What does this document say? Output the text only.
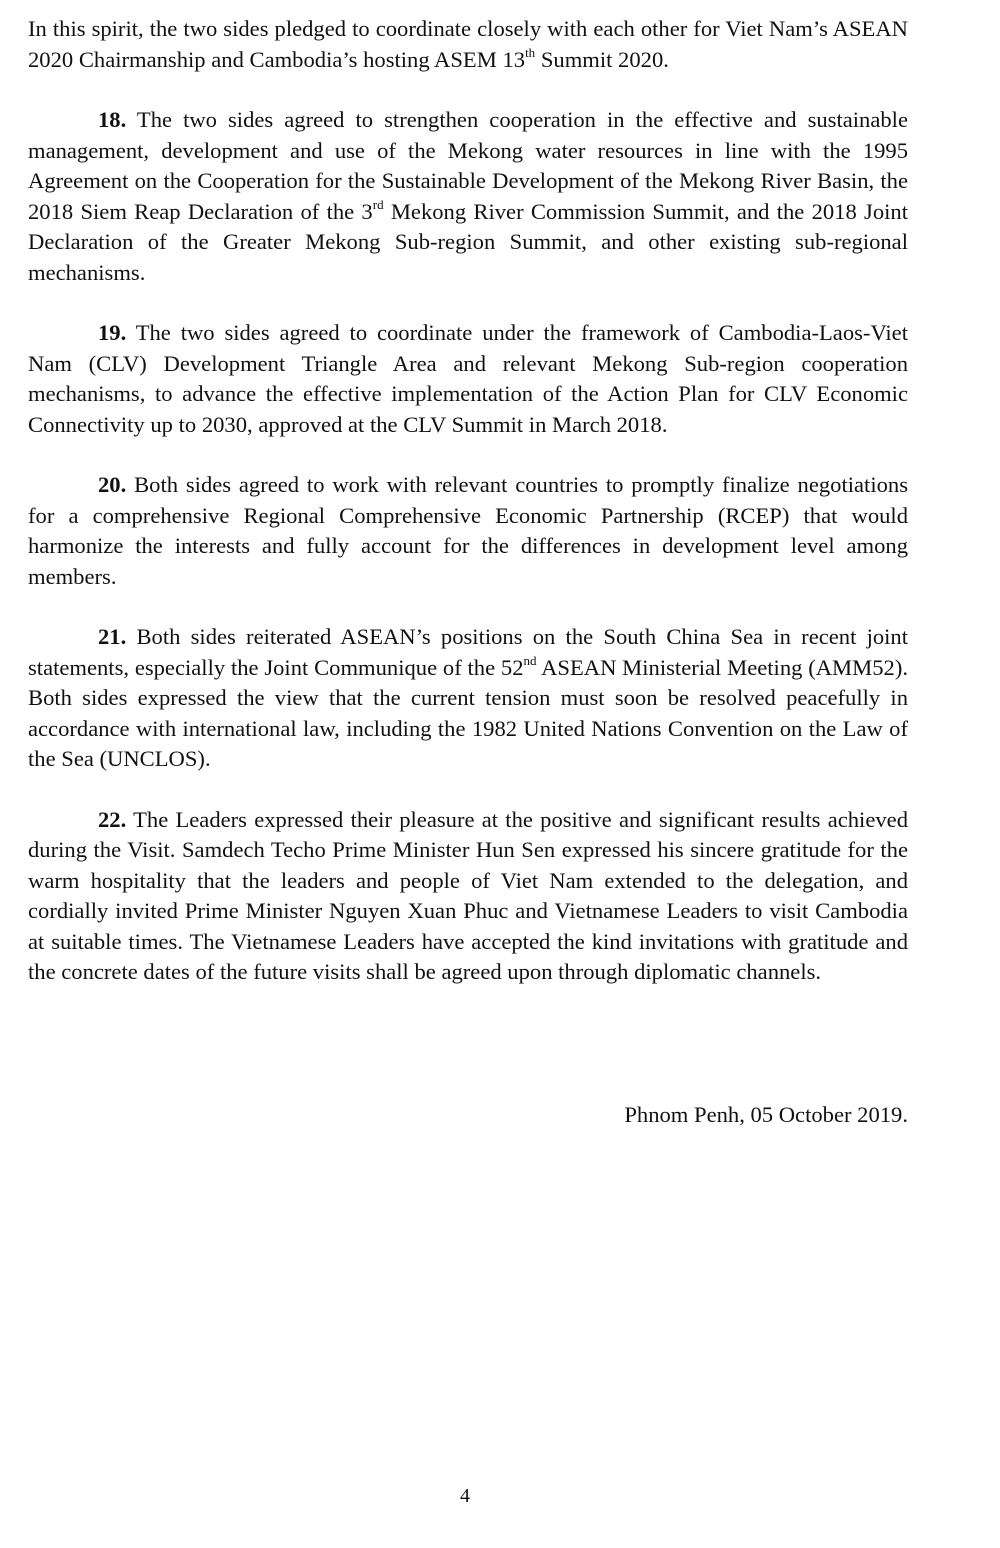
In this spirit, the two sides pledged to coordinate closely with each other for Viet Nam’s ASEAN 2020 Chairmanship and Cambodia’s hosting ASEM 13th Summit 2020.

18. The two sides agreed to strengthen cooperation in the effective and sustainable management, development and use of the Mekong water resources in line with the 1995 Agreement on the Cooperation for the Sustainable Development of the Mekong River Basin, the 2018 Siem Reap Declaration of the 3rd Mekong River Commission Summit, and the 2018 Joint Declaration of the Greater Mekong Sub-region Summit, and other existing sub-regional mechanisms.

19. The two sides agreed to coordinate under the framework of Cambodia-Laos-Viet Nam (CLV) Development Triangle Area and relevant Mekong Sub-region cooperation mechanisms, to advance the effective implementation of the Action Plan for CLV Economic Connectivity up to 2030, approved at the CLV Summit in March 2018.

20. Both sides agreed to work with relevant countries to promptly finalize negotiations for a comprehensive Regional Comprehensive Economic Partnership (RCEP) that would harmonize the interests and fully account for the differences in development level among members.

21. Both sides reiterated ASEAN’s positions on the South China Sea in recent joint statements, especially the Joint Communique of the 52nd ASEAN Ministerial Meeting (AMM52). Both sides expressed the view that the current tension must soon be resolved peacefully in accordance with international law, including the 1982 United Nations Convention on the Law of the Sea (UNCLOS).

22. The Leaders expressed their pleasure at the positive and significant results achieved during the Visit. Samdech Techo Prime Minister Hun Sen expressed his sincere gratitude for the warm hospitality that the leaders and people of Viet Nam extended to the delegation, and cordially invited Prime Minister Nguyen Xuan Phuc and Vietnamese Leaders to visit Cambodia at suitable times. The Vietnamese Leaders have accepted the kind invitations with gratitude and the concrete dates of the future visits shall be agreed upon through diplomatic channels.

Phnom Penh, 05 October 2019.
4
